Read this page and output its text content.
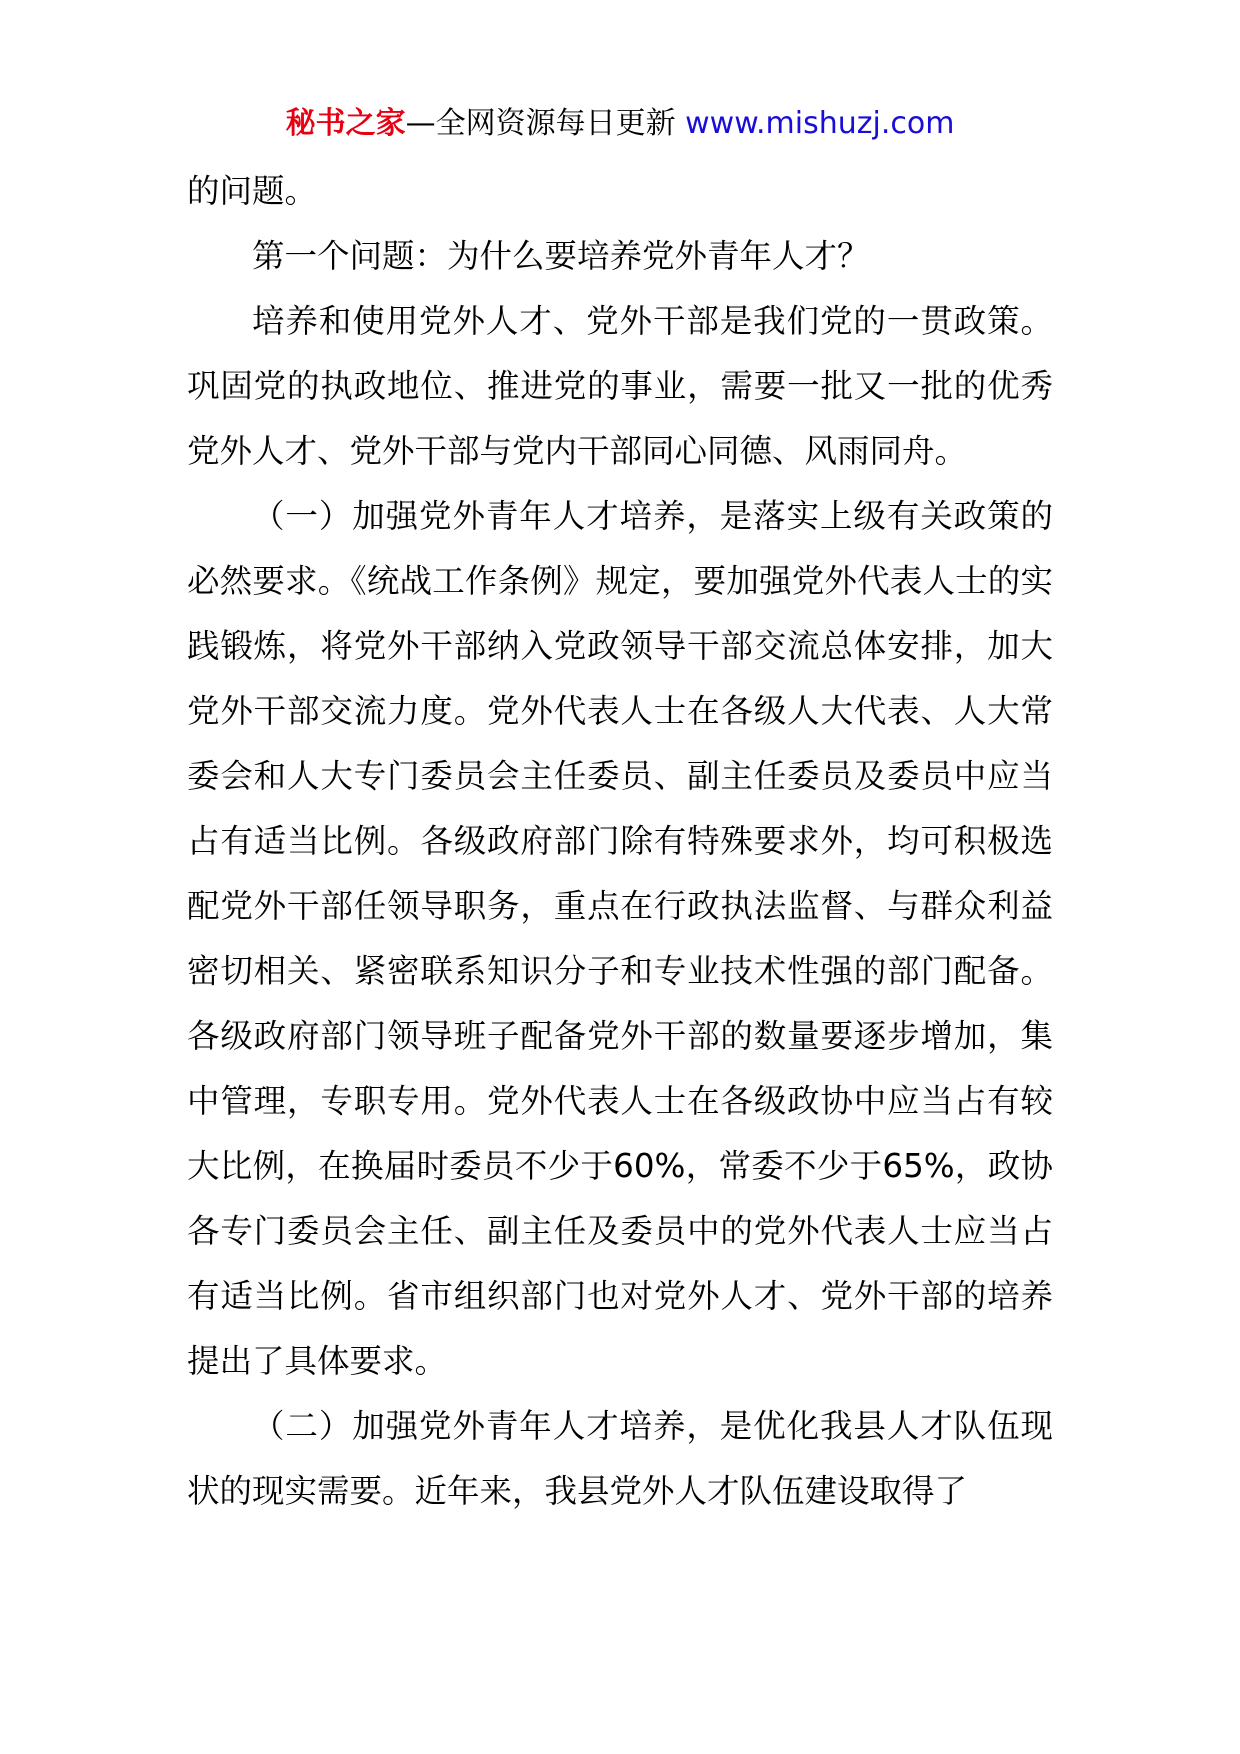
秘书之家—全网资源每日更新 www.mishuzj.com

的问题。

第一个问题：为什么要培养党外青年人才？

培养和使用党外人才、党外干部是我们党的一贯政策。巩固党的执政地位、推进党的事业，需要一批又一批的优秀党外人才、党外干部与党内干部同心同德、风雨同舟。

（一）加强党外青年人才培养，是落实上级有关政策的必然要求。《统战工作条例》规定，要加强党外代表人士的实践锻炼，将党外干部纳入党政领导干部交流总体安排，加大党外干部交流力度。党外代表人士在各级人大代表、人大常委会和人大专门委员会主任委员、副主任委员及委员中应当占有适当比例。各级政府部门除有特殊要求外，均可积极选配党外干部任领导职务，重点在行政执法监督、与群众利益密切相关、紧密联系知识分子和专业技术性强的部门配备。各级政府部门领导班子配备党外干部的数量要逐步增加，集中管理，专职专用。党外代表人士在各级政协中应当占有较大比例，在换届时委员不少于60%，常委不少于65%，政协各专门委员会主任、副主任及委员中的党外代表人士应当占有适当比例。省市组织部门也对党外人才、党外干部的培养提出了具体要求。

（二）加强党外青年人才培养，是优化我县人才队伍现状的现实需要。近年来，我县党外人才队伍建设取得了
